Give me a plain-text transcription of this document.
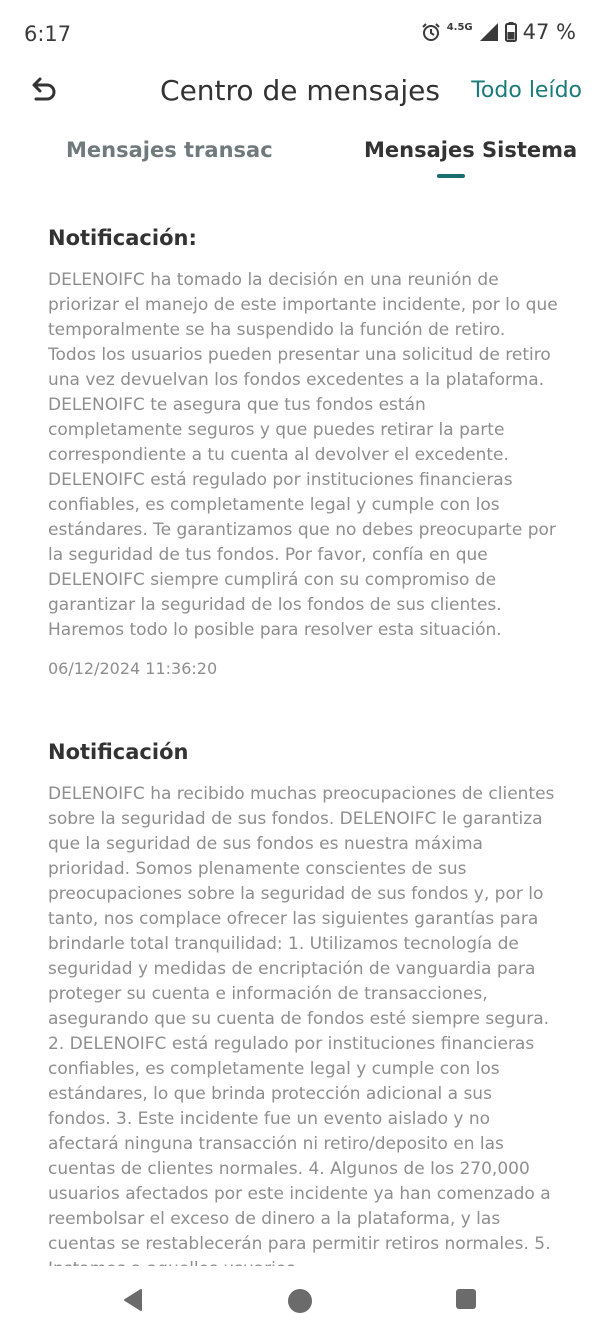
6:17	4.5G 47 %
Centro de mensajes	Todo leído
Mensajes transac	Mensajes Sistema
Notificación:

DELENOIFC ha tomado la decisión en una reunión de priorizar el manejo de este importante incidente, por lo que temporalmente se ha suspendido la función de retiro. Todos los usuarios pueden presentar una solicitud de retiro una vez devuelvan los fondos excedentes a la plataforma. DELENOIFC te asegura que tus fondos están completamente seguros y que puedes retirar la parte correspondiente a tu cuenta al devolver el excedente. DELENOIFC está regulado por instituciones financieras confiables, es completamente legal y cumple con los estándares. Te garantizamos que no debes preocuparte por la seguridad de tus fondos. Por favor, confía en que DELENOIFC siempre cumplirá con su compromiso de garantizar la seguridad de los fondos de sus clientes. Haremos todo lo posible para resolver esta situación.

06/12/2024 11:36:20
Notificación

DELENOIFC ha recibido muchas preocupaciones de clientes sobre la seguridad de sus fondos. DELENOIFC le garantiza que la seguridad de sus fondos es nuestra máxima prioridad. Somos plenamente conscientes de sus preocupaciones sobre la seguridad de sus fondos y, por lo tanto, nos complace ofrecer las siguientes garantías para brindarle total tranquilidad: 1. Utilizamos tecnología de seguridad y medidas de encriptación de vanguardia para proteger su cuenta e información de transacciones, asegurando que su cuenta de fondos esté siempre segura. 2. DELENOIFC está regulado por instituciones financieras confiables, es completamente legal y cumple con los estándares, lo que brinda protección adicional a sus fondos. 3. Este incidente fue un evento aislado y no afectará ninguna transacción ni retiro/deposito en las cuentas de clientes normales. 4. Algunos de los 270,000 usuarios afectados por este incidente ya han comenzado a reembolsar el exceso de dinero a la plataforma, y las cuentas se restablecerán para permitir retiros normales. 5.
